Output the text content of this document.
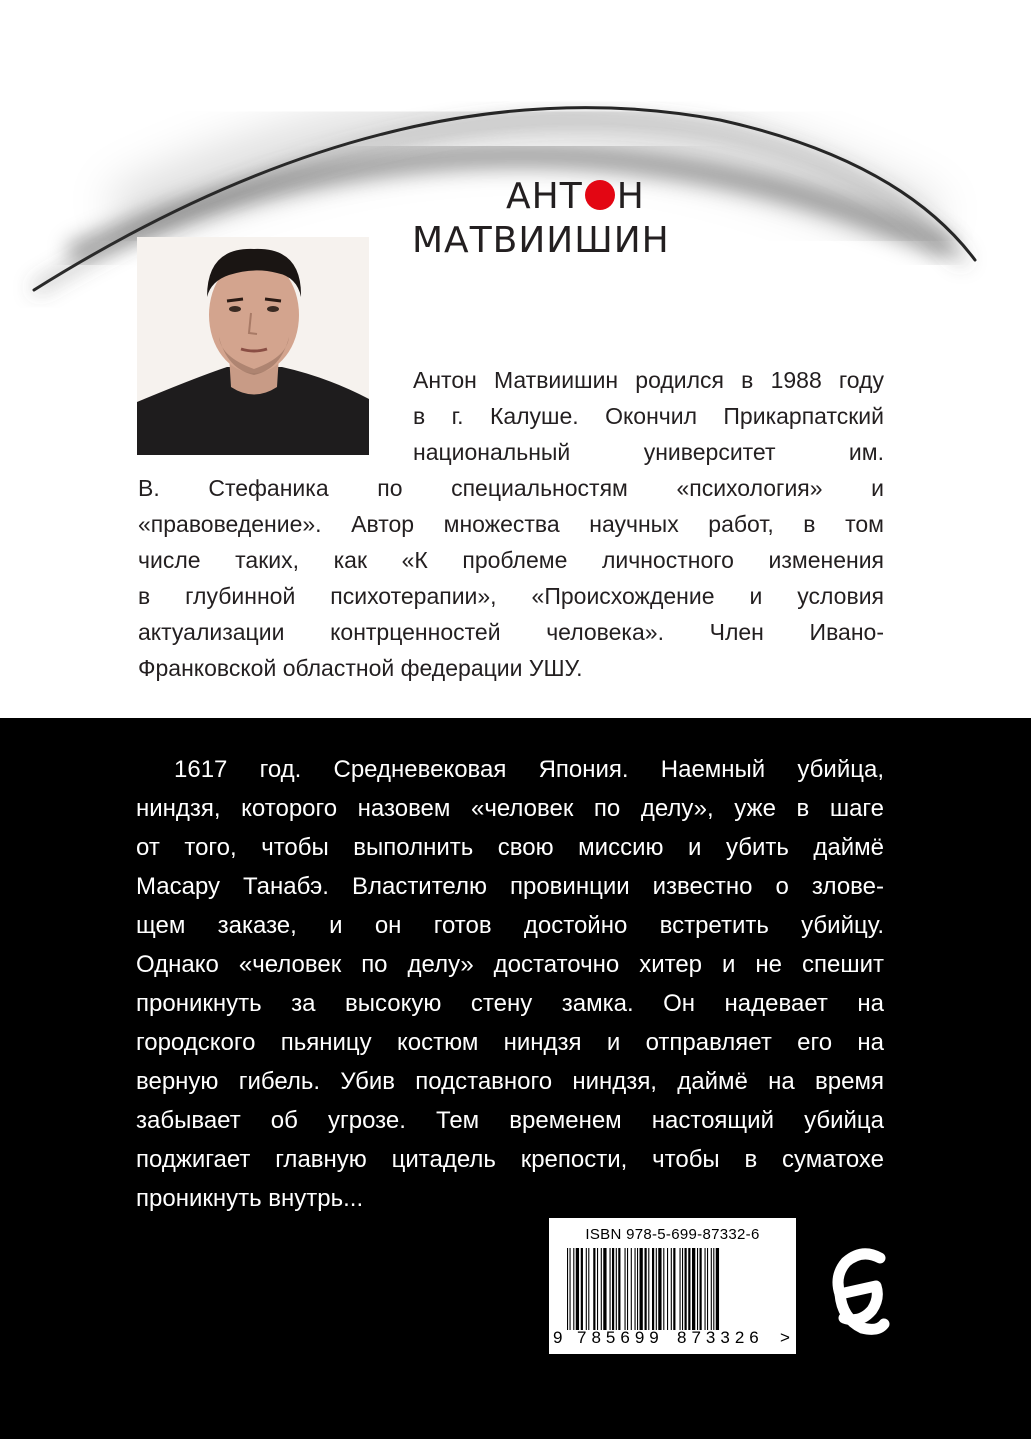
АНТ Н
МАТВИИШИН
Антон Матвиишин родился в 1988 году
в г. Калуше. Окончил Прикарпатский
национальный университет им.
В. Стефаника по специальностям «психология» и
«правоведение». Автор множества научных работ, в том
числе таких, как «К проблеме личностного изменения
в глубинной психотерапии», «Происхождение и условия
актуализации контрценностей человека». Член Ивано-
Франковской областной федерации УШУ.
1617 год. Средневековая Япония. Наемный убийца,
ниндзя, которого назовем «человек по делу», уже в шаге
от того, чтобы выполнить свою миссию и убить даймё
Масару Танабэ. Властителю провинции известно о злове-
щем заказе, и он готов достойно встретить убийцу.
Однако «человек по делу» достаточно хитер и не спешит
проникнуть за высокую стену замка. Он надевает на
городского пьяницу костюм ниндзя и отправляет его на
верную гибель. Убив подставного ниндзя, даймё на время
забывает об угрозе. Тем временем настоящий убийца
поджигает главную цитадель крепости, чтобы в суматохе
проникнуть внутрь...
ISBN 978-5-699-87332-6
9 785699 873326 >
